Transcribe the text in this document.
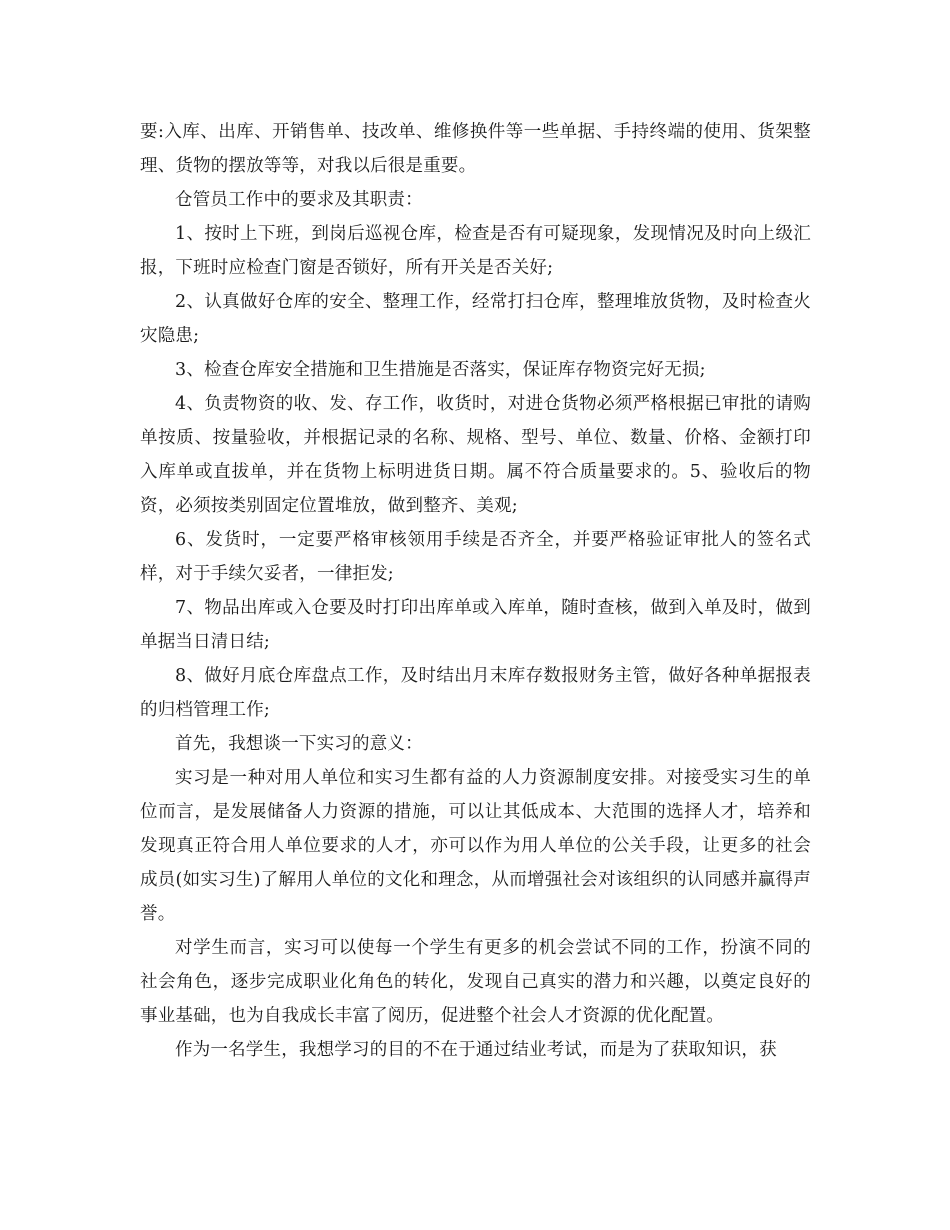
要:入库、出库、开销售单、技改单、维修换件等一些单据、手持终端的使用、货架整理、货物的摆放等等，对我以后很是重要。

仓管员工作中的要求及其职责：

1、按时上下班，到岗后巡视仓库，检查是否有可疑现象，发现情况及时向上级汇报，下班时应检查门窗是否锁好，所有开关是否关好;

2、认真做好仓库的安全、整理工作，经常打扫仓库，整理堆放货物，及时检查火灾隐患;

3、检查仓库安全措施和卫生措施是否落实，保证库存物资完好无损;

4、负责物资的收、发、存工作，收货时，对进仓货物必须严格根据已审批的请购单按质、按量验收，并根据记录的名称、规格、型号、单位、数量、价格、金额打印入库单或直拔单，并在货物上标明进货日期。属不符合质量要求的。5、验收后的物资，必须按类别固定位置堆放，做到整齐、美观;

6、发货时，一定要严格审核领用手续是否齐全，并要严格验证审批人的签名式样，对于手续欠妥者，一律拒发;

7、物品出库或入仓要及时打印出库单或入库单，随时查核，做到入单及时，做到单据当日清日结;

8、做好月底仓库盘点工作，及时结出月末库存数报财务主管，做好各种单据报表的归档管理工作;

首先，我想谈一下实习的意义：

实习是一种对用人单位和实习生都有益的人力资源制度安排。对接受实习生的单位而言，是发展储备人力资源的措施，可以让其低成本、大范围的选择人才，培养和发现真正符合用人单位要求的人才，亦可以作为用人单位的公关手段，让更多的社会成员(如实习生)了解用人单位的文化和理念，从而增强社会对该组织的认同感并赢得声誉。

对学生而言，实习可以使每一个学生有更多的机会尝试不同的工作，扮演不同的社会角色，逐步完成职业化角色的转化，发现自己真实的潜力和兴趣，以奠定良好的事业基础，也为自我成长丰富了阅历，促进整个社会人才资源的优化配置。

作为一名学生，我想学习的目的不在于通过结业考试，而是为了获取知识，获
